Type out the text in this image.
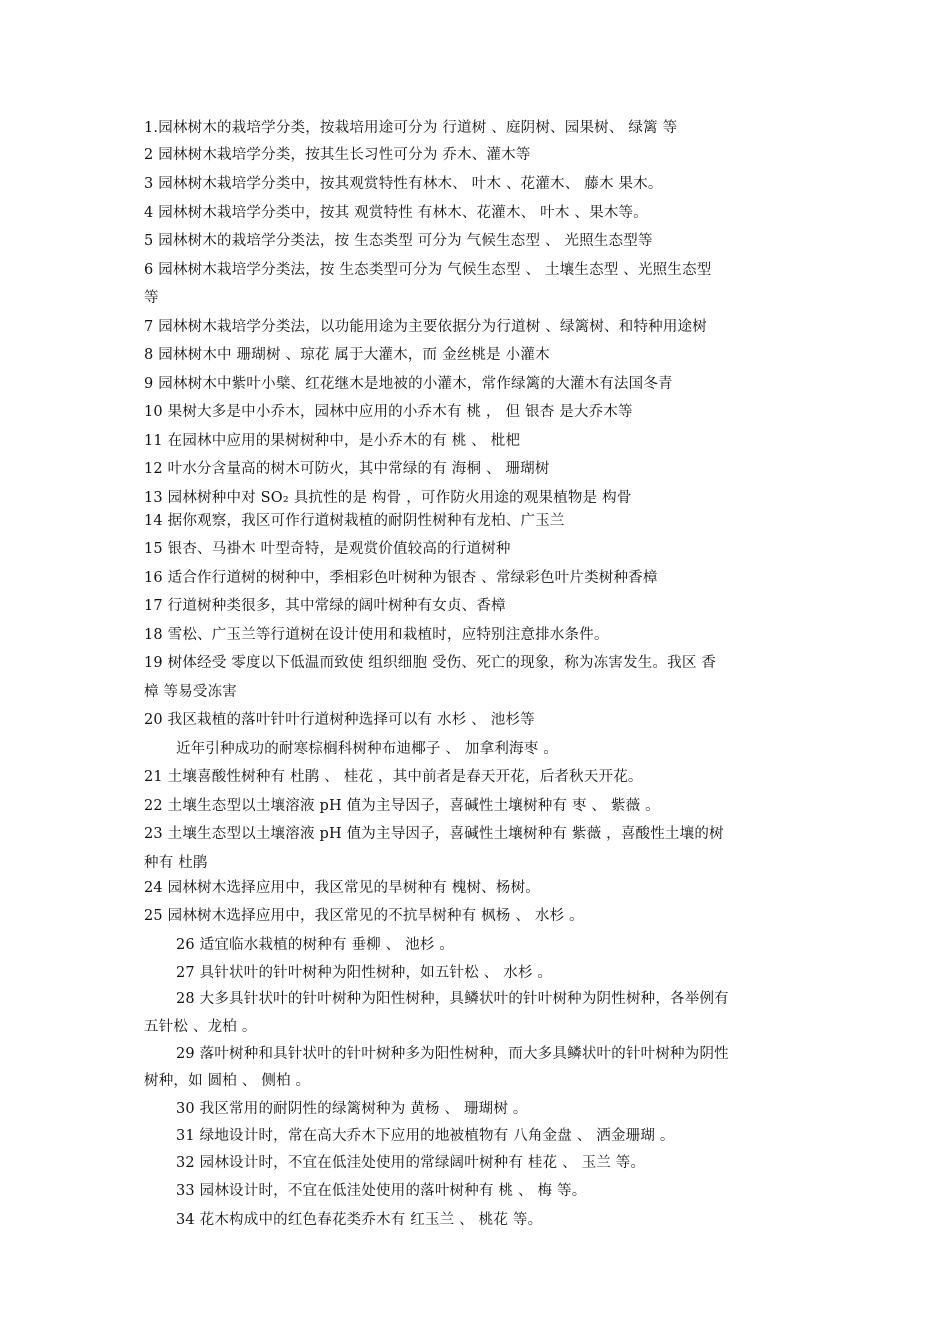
1.园林树木的栽培学分类，按栽培用途可分为 行道树 、庭阴树、园果树、 绿篱 等
2 园林树木栽培学分类，按其生长习性可分为 乔木、灌木等
3 园林树木栽培学分类中，按其观赏特性有林木、 叶木 、花灌木、 藤木 果木。
4 园林树木栽培学分类中，按其 观赏特性 有林木、花灌木、 叶木 、果木等。
5 园林树木的栽培学分类法，按 生态类型 可分为 气候生态型 、 光照生态型等
6 园林树木栽培学分类法，按 生态类型可分为 气候生态型 、 土壤生态型 、光照生态型
等
7 园林树木栽培学分类法，以功能用途为主要依据分为行道树 、绿篱树、和特种用途树
8 园林树木中 珊瑚树 、琼花 属于大灌木，而 金丝桃是 小灌木
9 园林树木中紫叶小檗、红花继木是地被的小灌木，常作绿篱的大灌木有法国冬青
10 果树大多是中小乔木，园林中应用的小乔木有 桃 ， 但 银杏 是大乔木等
11 在园林中应用的果树树种中，是小乔木的有 桃 、 枇杷
12 叶水分含量高的树木可防火，其中常绿的有 海桐 、 珊瑚树
13 园林树种中对 SO₂ 具抗性的是 构骨 ，可作防火用途的观果植物是 构骨
14 据你观察，我区可作行道树栽植的耐阴性树种有龙柏、广玉兰
15 银杏、马褂木 叶型奇特，是观赏价值较高的行道树种
16 适合作行道树的树种中，季相彩色叶树种为银杏 、常绿彩色叶片类树种香樟
17 行道树种类很多，其中常绿的阔叶树种有女贞、香樟
18 雪松、广玉兰等行道树在设计使用和栽植时，应特别注意排水条件。
19 树体经受 零度以下低温而致使 组织细胞 受伤、死亡的现象，称为冻害发生。我区 香
樟 等易受冻害
20 我区栽植的落叶针叶行道树种选择可以有 水杉 、 池杉等
近年引种成功的耐寒棕榈科树种布迪椰子 、 加拿利海枣 。
21 土壤喜酸性树种有 杜鹃 、 桂花 ，其中前者是春天开花，后者秋天开花。
22 土壤生态型以土壤溶液 pH 值为主导因子，喜碱性土壤树种有 枣 、 紫薇 。
23 土壤生态型以土壤溶液 pH 值为主导因子，喜碱性土壤树种有 紫薇 ，喜酸性土壤的树
种有 杜鹃
24 园林树木选择应用中，我区常见的旱树种有 槐树、杨树。
25 园林树木选择应用中，我区常见的不抗旱树种有 枫杨 、 水杉 。
26 适宜临水栽植的树种有 垂柳 、 池杉 。
27 具针状叶的针叶树种为阳性树种，如五针松 、 水杉 。
28 大多具针状叶的针叶树种为阳性树种，具鳞状叶的针叶树种为阴性树种，各举例有
五针松 、龙柏 。
29 落叶树种和具针状叶的针叶树种多为阳性树种，而大多具鳞状叶的针叶树种为阴性
树种，如 圆柏 、 侧柏 。
30 我区常用的耐阴性的绿篱树种为 黄杨 、 珊瑚树 。
31 绿地设计时，常在高大乔木下应用的地被植物有 八角金盘 、 洒金珊瑚 。
32 园林设计时，不宜在低洼处使用的常绿阔叶树种有 桂花 、 玉兰 等。
33 园林设计时，不宜在低洼处使用的落叶树种有 桃 、 梅 等。
34 花木构成中的红色春花类乔木有 红玉兰 、 桃花 等。
